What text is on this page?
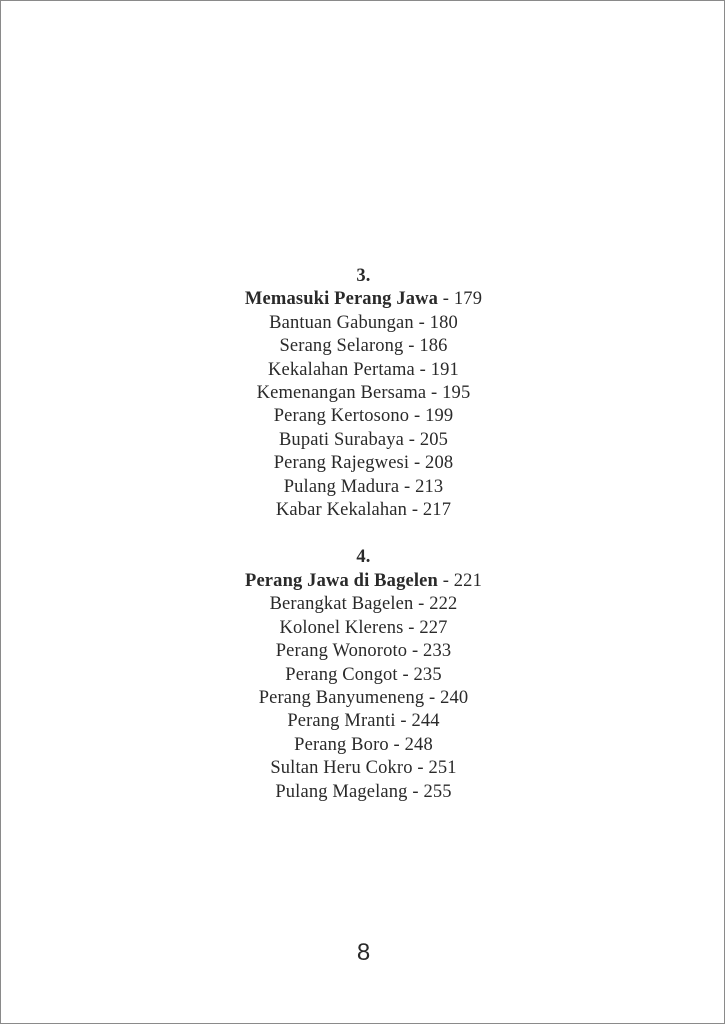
3.
Memasuki Perang Jawa - 179
Bantuan Gabungan - 180
Serang Selarong - 186
Kekalahan Pertama - 191
Kemenangan Bersama - 195
Perang Kertosono - 199
Bupati Surabaya - 205
Perang Rajegwesi - 208
Pulang Madura - 213
Kabar Kekalahan - 217
4.
Perang Jawa di Bagelen - 221
Berangkat Bagelen - 222
Kolonel Klerens - 227
Perang Wonoroto - 233
Perang Congot - 235
Perang Banyumeneng - 240
Perang Mranti - 244
Perang Boro - 248
Sultan Heru Cokro - 251
Pulang Magelang - 255
8
